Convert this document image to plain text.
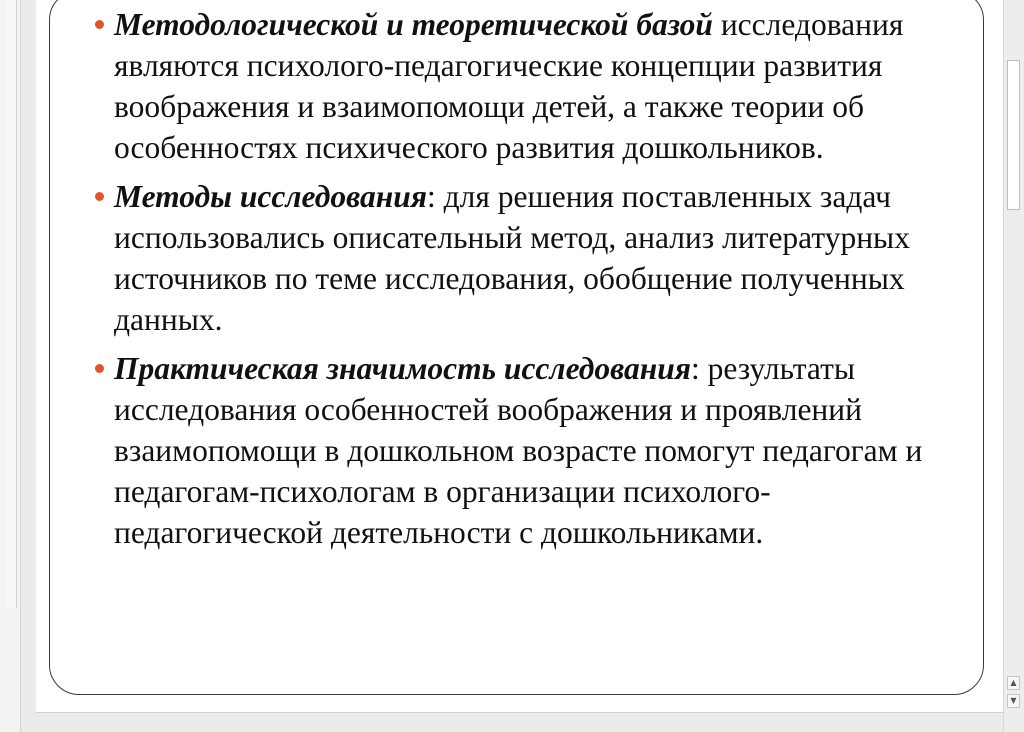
Методологической и теоретической базой исследования являются психолого-педагогические концепции развития воображения и взаимопомощи детей, а также теории об особенностях психического развития дошкольников.
Методы исследования: для решения поставленных задач использовались описательный метод, анализ литературных источников по теме исследования, обобщение полученных данных.
Практическая значимость исследования: результаты исследования особенностей воображения и проявлений взаимопомощи в дошкольном возрасте помогут педагогам и педагогам-психологам в организации психолого-педагогической деятельности с дошкольниками.
▲
▼
